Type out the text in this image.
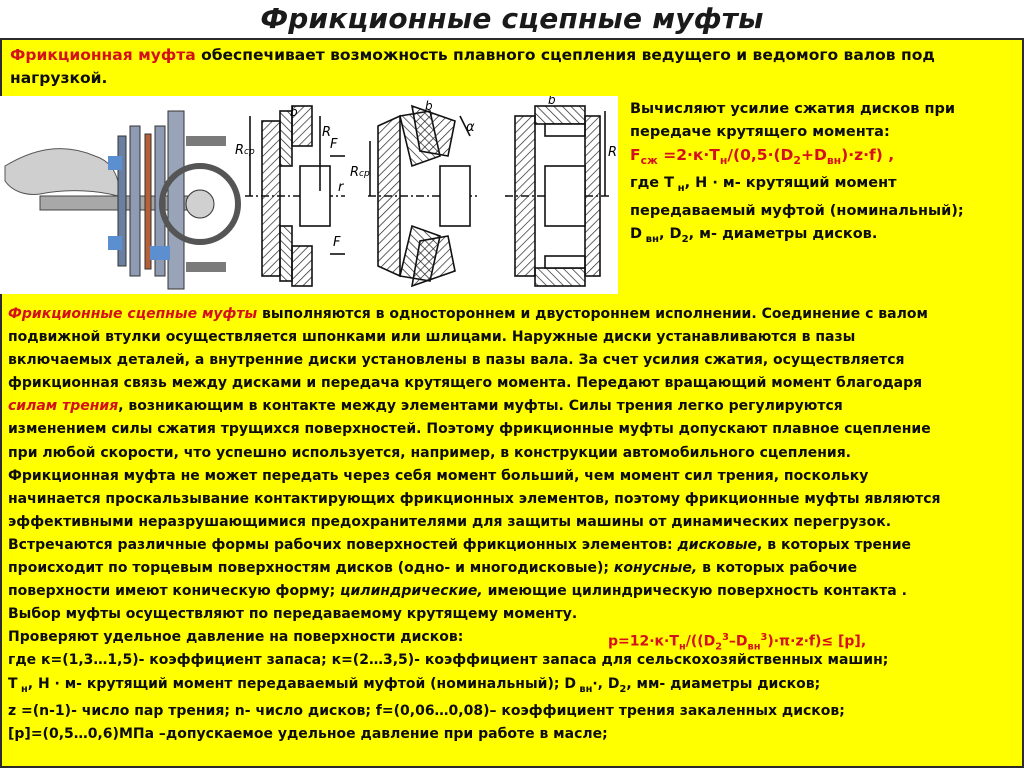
Фрикционные сцепные муфты
Фрикционная муфта обеспечивает возможность плавного сцепления ведущего и ведомого валов под нагрузкой.
Rср
R
F
F
r
b
Rср
b
α
b
R
Вычисляют усилие сжатия дисков при передаче крутящего момента:
$F_{сж} =2\cdot к\cdot T_н/(0,5\cdot(D_2+D_{вн})\cdot z\cdot f)$ ,
где Т $_н$, Н · м- крутящий момент передаваемый муфтой (номинальный);
D $_{вн}$, $D_2$, м- диаметры дисков.
Фрикционные сцепные муфты выполняются в одностороннем и двустороннем исполнении. Соединение с валом
подвижной втулки осуществляется шпонками или шлицами. Наружные диски устанавливаются в пазы
включаемых деталей, а внутренние диски установлены в пазы вала. За счет усилия сжатия, осуществляется
фрикционная связь между дисками и передача крутящего момента. Передают вращающий момент благодаря
силам трения, возникающим в контакте между элементами муфты. Силы трения легко регулируются
изменением силы сжатия трущихся поверхностей. Поэтому фрикционные муфты допускают плавное сцепление
при любой скорости, что успешно используется, например, в конструкции автомобильного сцепления.
Фрикционная муфта не может передать через себя момент больший, чем момент сил трения, поскольку
начинается проскальзывание контактирующих фрикционных элементов, поэтому фрикционные муфты являются
эффективными неразрушающимися предохранителями для защиты машины от динамических перегрузок.
Встречаются различные формы рабочих поверхностей фрикционных элементов: дисковые, в которых трение
происходит по торцевым поверхностям дисков (одно- и многодисковые); конусные, в которых рабочие
поверхности имеют коническую форму; цилиндрические, имеющие цилиндрическую поверхность контакта .
Выбор муфты осуществляют по передаваемому крутящему моменту.
Проверяют удельное давление на поверхности дисков:	$p=12\cdot к\cdot T_н/((D_2^3-D_{вн}^3)\cdot\pi\cdot z\cdot f)\le [p]$,
где к=(1,3…1,5)- коэффициент запаса; к=(2…3,5)- коэффициент запаса для сельскохозяйственных машин;
Т $_н$, Н · м- крутящий момент передаваемый муфтой (номинальный); D $_{вн}$·, $D_2$, мм- диаметры дисков;
z =(n-1)- число пар трения; n- число дисков; f=(0,06…0,08)– коэффициент трения закаленных дисков;
[p]=(0,5…0,6)МПа –допускаемое удельное давление при работе в масле;
